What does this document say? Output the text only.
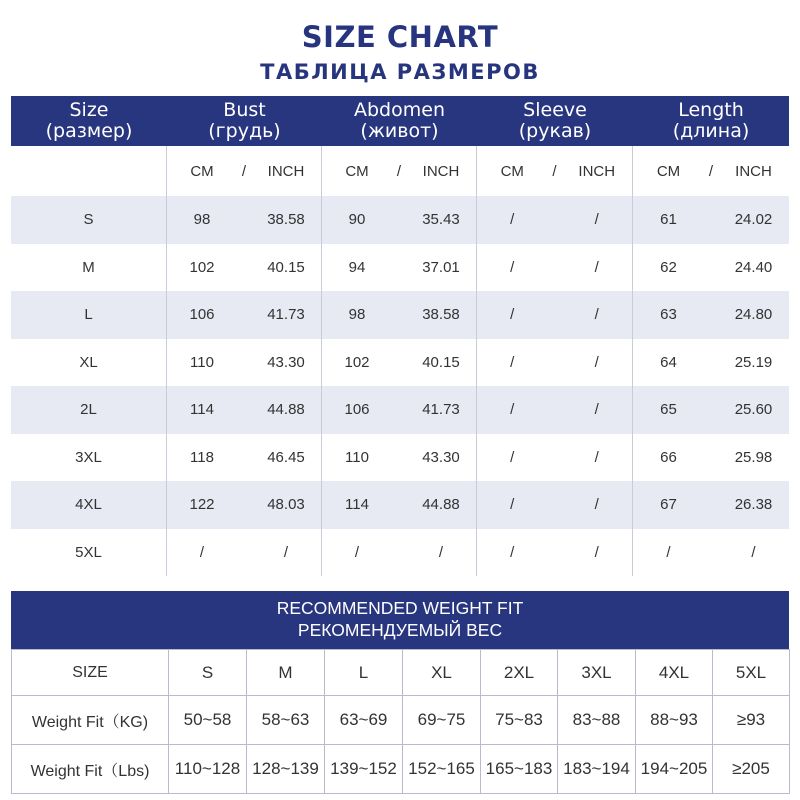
SIZE CHART
ТАБЛИЦА РАЗМЕРОВ
Size
(размер)
Bust
(грудь)
Abdomen
(живот)
Sleeve
(рукав)
Length
(длина)
CM	/	INCH	CM	/	INCH	CM	/	INCH	CM	/	INCH
S	98	38.58	90	35.43	/	/	61	24.02
M	102	40.15	94	37.01	/	/	62	24.40
L	106	41.73	98	38.58	/	/	63	24.80
XL	110	43.30	102	40.15	/	/	64	25.19
2L	114	44.88	106	41.73	/	/	65	25.60
3XL	118	46.45	110	43.30	/	/	66	25.98
4XL	122	48.03	114	44.88	/	/	67	26.38
5XL	/	/	/	/	/	/	/	/
RECOMMENDED WEIGHT FIT
РЕКОМЕНДУЕМЫЙ ВЕС
SIZE	S	M	L	XL	2XL	3XL	4XL	5XL
Weight Fit（KG)	50~58	58~63	63~69	69~75	75~83	83~88	88~93	≥93
Weight Fit（Lbs)	110~128	128~139	139~152	152~165	165~183	183~194	194~205	≥205
